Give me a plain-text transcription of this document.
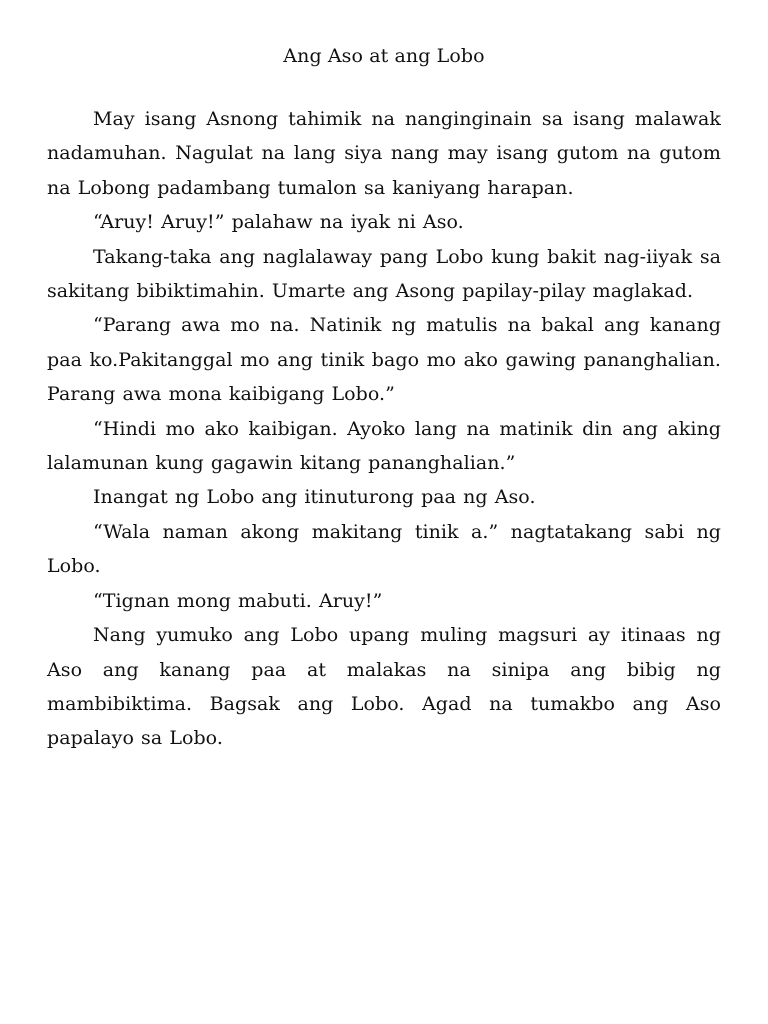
Ang Aso at ang Lobo

May isang Asnong tahimik na nanginginain sa isang malawak nadamuhan. Nagulat na lang siya nang may isang gutom na gutom na Lobong padambang tumalon sa kaniyang harapan.

“Aruy! Aruy!” palahaw na iyak ni Aso.

Takang-taka ang naglalaway pang Lobo kung bakit nag-iiyak sa sakitang bibiktimahin. Umarte ang Asong papilay-pilay maglakad.

“Parang awa mo na. Natinik ng matulis na bakal ang kanang paa ko.Pakitanggal mo ang tinik bago mo ako gawing pananghalian. Parang awa mona kaibigang Lobo.”

“Hindi mo ako kaibigan. Ayoko lang na matinik din ang aking lalamunan kung gagawin kitang pananghalian.”

Inangat ng Lobo ang itinuturong paa ng Aso.

“Wala naman akong makitang tinik a.” nagtatakang sabi ng Lobo.

“Tignan mong mabuti. Aruy!”

Nang yumuko ang Lobo upang muling magsuri ay itinaas ng Aso ang kanang paa at malakas na sinipa ang bibig ng mambibiktima. Bagsak ang Lobo. Agad na tumakbo ang Aso papalayo sa Lobo.
